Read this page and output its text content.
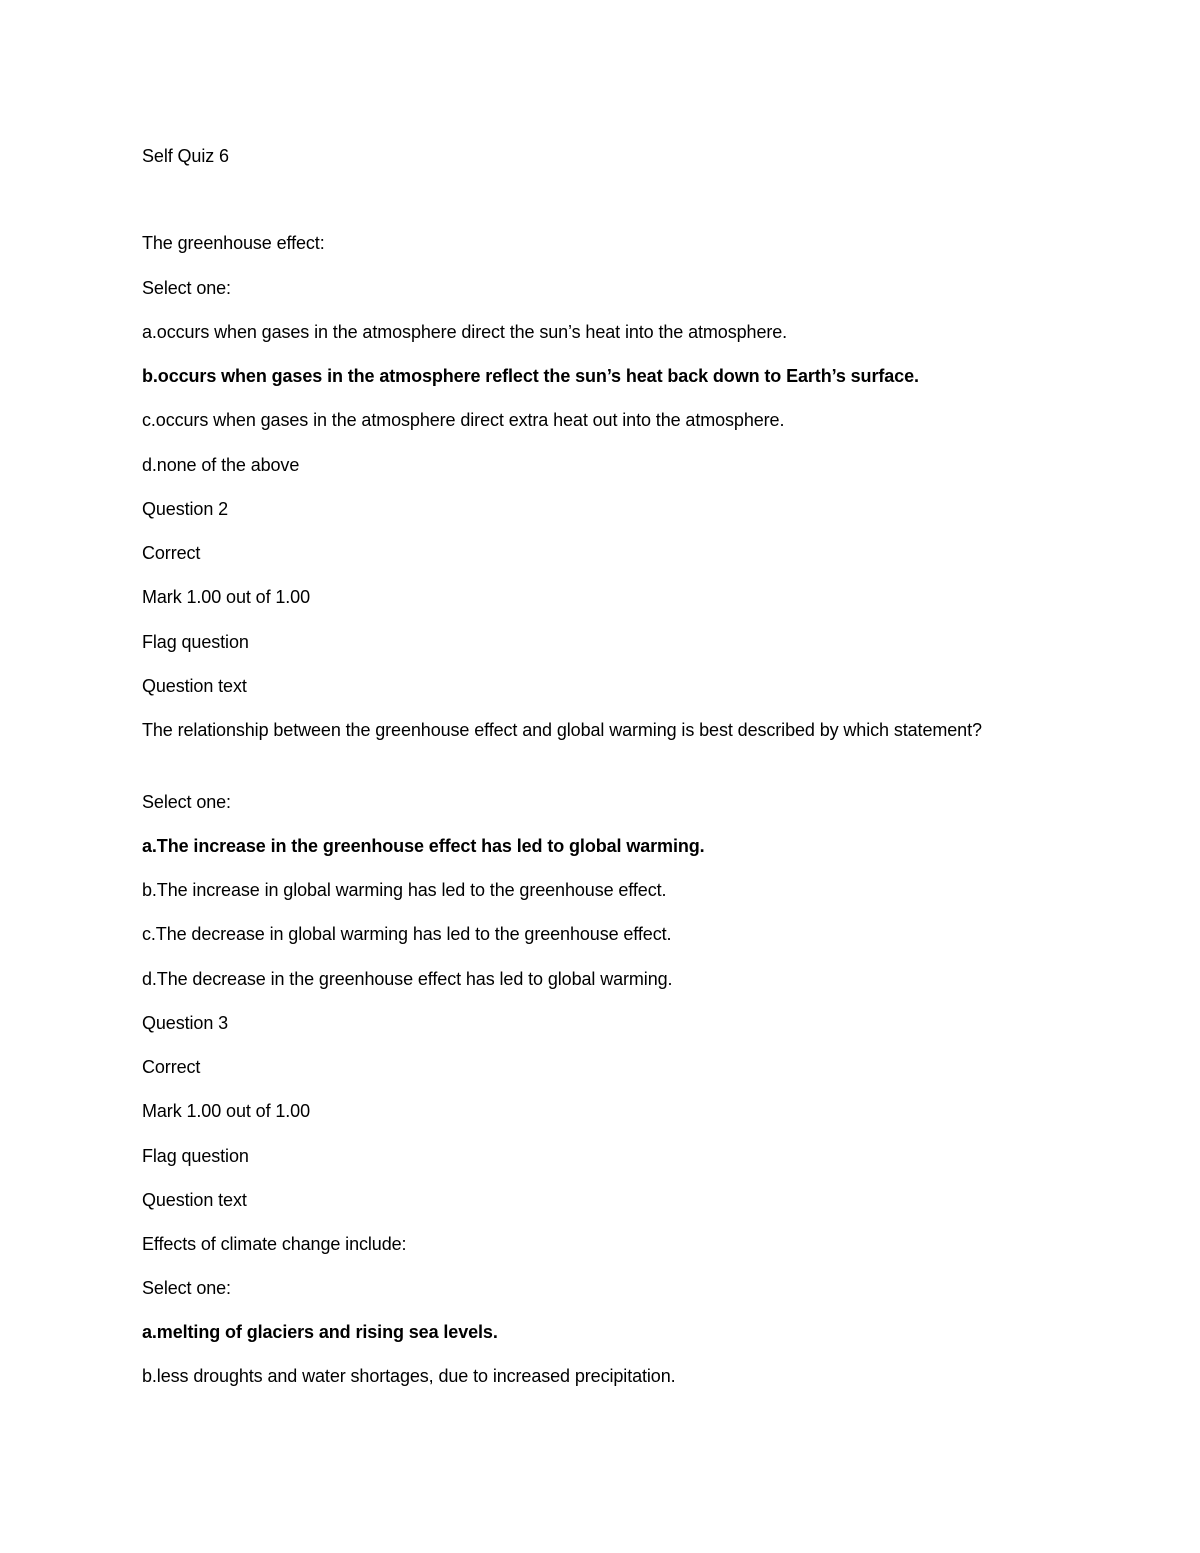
Self Quiz 6
The greenhouse effect:
Select one:
a.occurs when gases in the atmosphere direct the sun’s heat into the atmosphere.
b.occurs when gases in the atmosphere reflect the sun’s heat back down to Earth’s surface.
c.occurs when gases in the atmosphere direct extra heat out into the atmosphere.
d.none of the above
Question 2
Correct
Mark 1.00 out of 1.00
Flag question
Question text
The relationship between the greenhouse effect and global warming is best described by which statement?
Select one:
a.The increase in the greenhouse effect has led to global warming.
b.The increase in global warming has led to the greenhouse effect.
c.The decrease in global warming has led to the greenhouse effect.
d.The decrease in the greenhouse effect has led to global warming.
Question 3
Correct
Mark 1.00 out of 1.00
Flag question
Question text
Effects of climate change include:
Select one:
a.melting of glaciers and rising sea levels.
b.less droughts and water shortages, due to increased precipitation.
